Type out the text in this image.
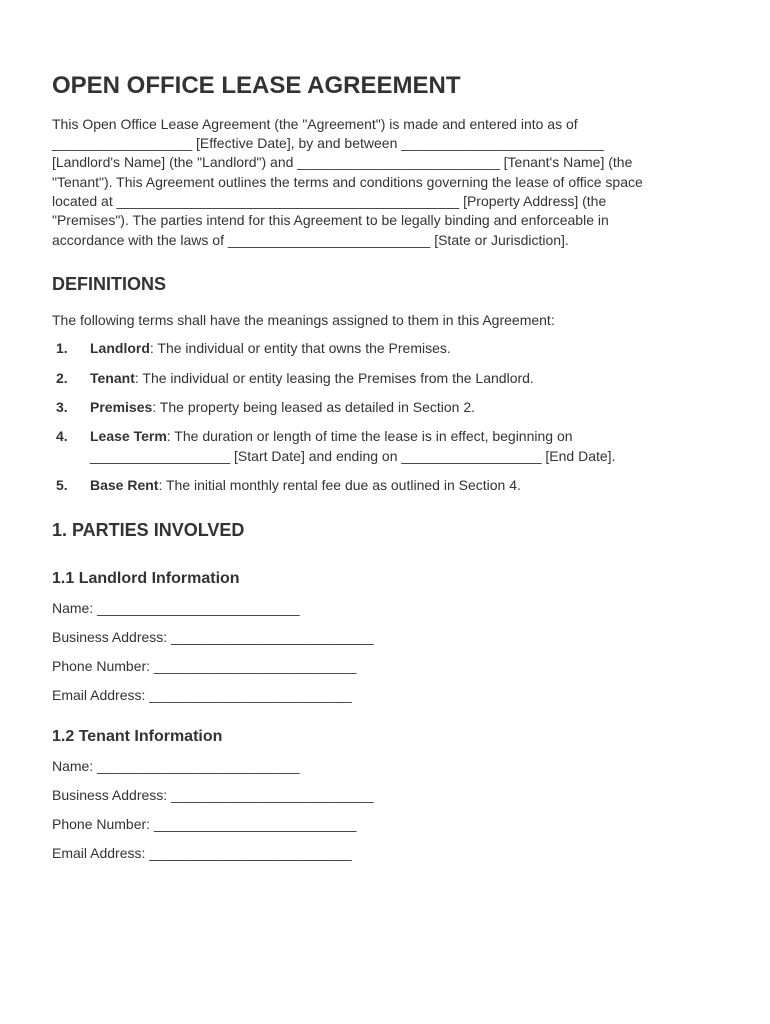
OPEN OFFICE LEASE AGREEMENT

This Open Office Lease Agreement (the "Agreement") is made and entered into as of
__________________ [Effective Date], by and between __________________________
[Landlord's Name] (the "Landlord") and __________________________ [Tenant's Name] (the
"Tenant"). This Agreement outlines the terms and conditions governing the lease of office space
located at ____________________________________________ [Property Address] (the
"Premises"). The parties intend for this Agreement to be legally binding and enforceable in
accordance with the laws of __________________________ [State or Jurisdiction].

DEFINITIONS

The following terms shall have the meanings assigned to them in this Agreement:

1. Landlord: The individual or entity that owns the Premises.
2. Tenant: The individual or entity leasing the Premises from the Landlord.
3. Premises: The property being leased as detailed in Section 2.
4. Lease Term: The duration or length of time the lease is in effect, beginning on
__________________ [Start Date] and ending on __________________ [End Date].
5. Base Rent: The initial monthly rental fee due as outlined in Section 4.
1. PARTIES INVOLVED
1.1 Landlord Information
Name: __________________________
Business Address: __________________________
Phone Number: __________________________
Email Address: __________________________
1.2 Tenant Information
Name: __________________________
Business Address: __________________________
Phone Number: __________________________
Email Address: __________________________
